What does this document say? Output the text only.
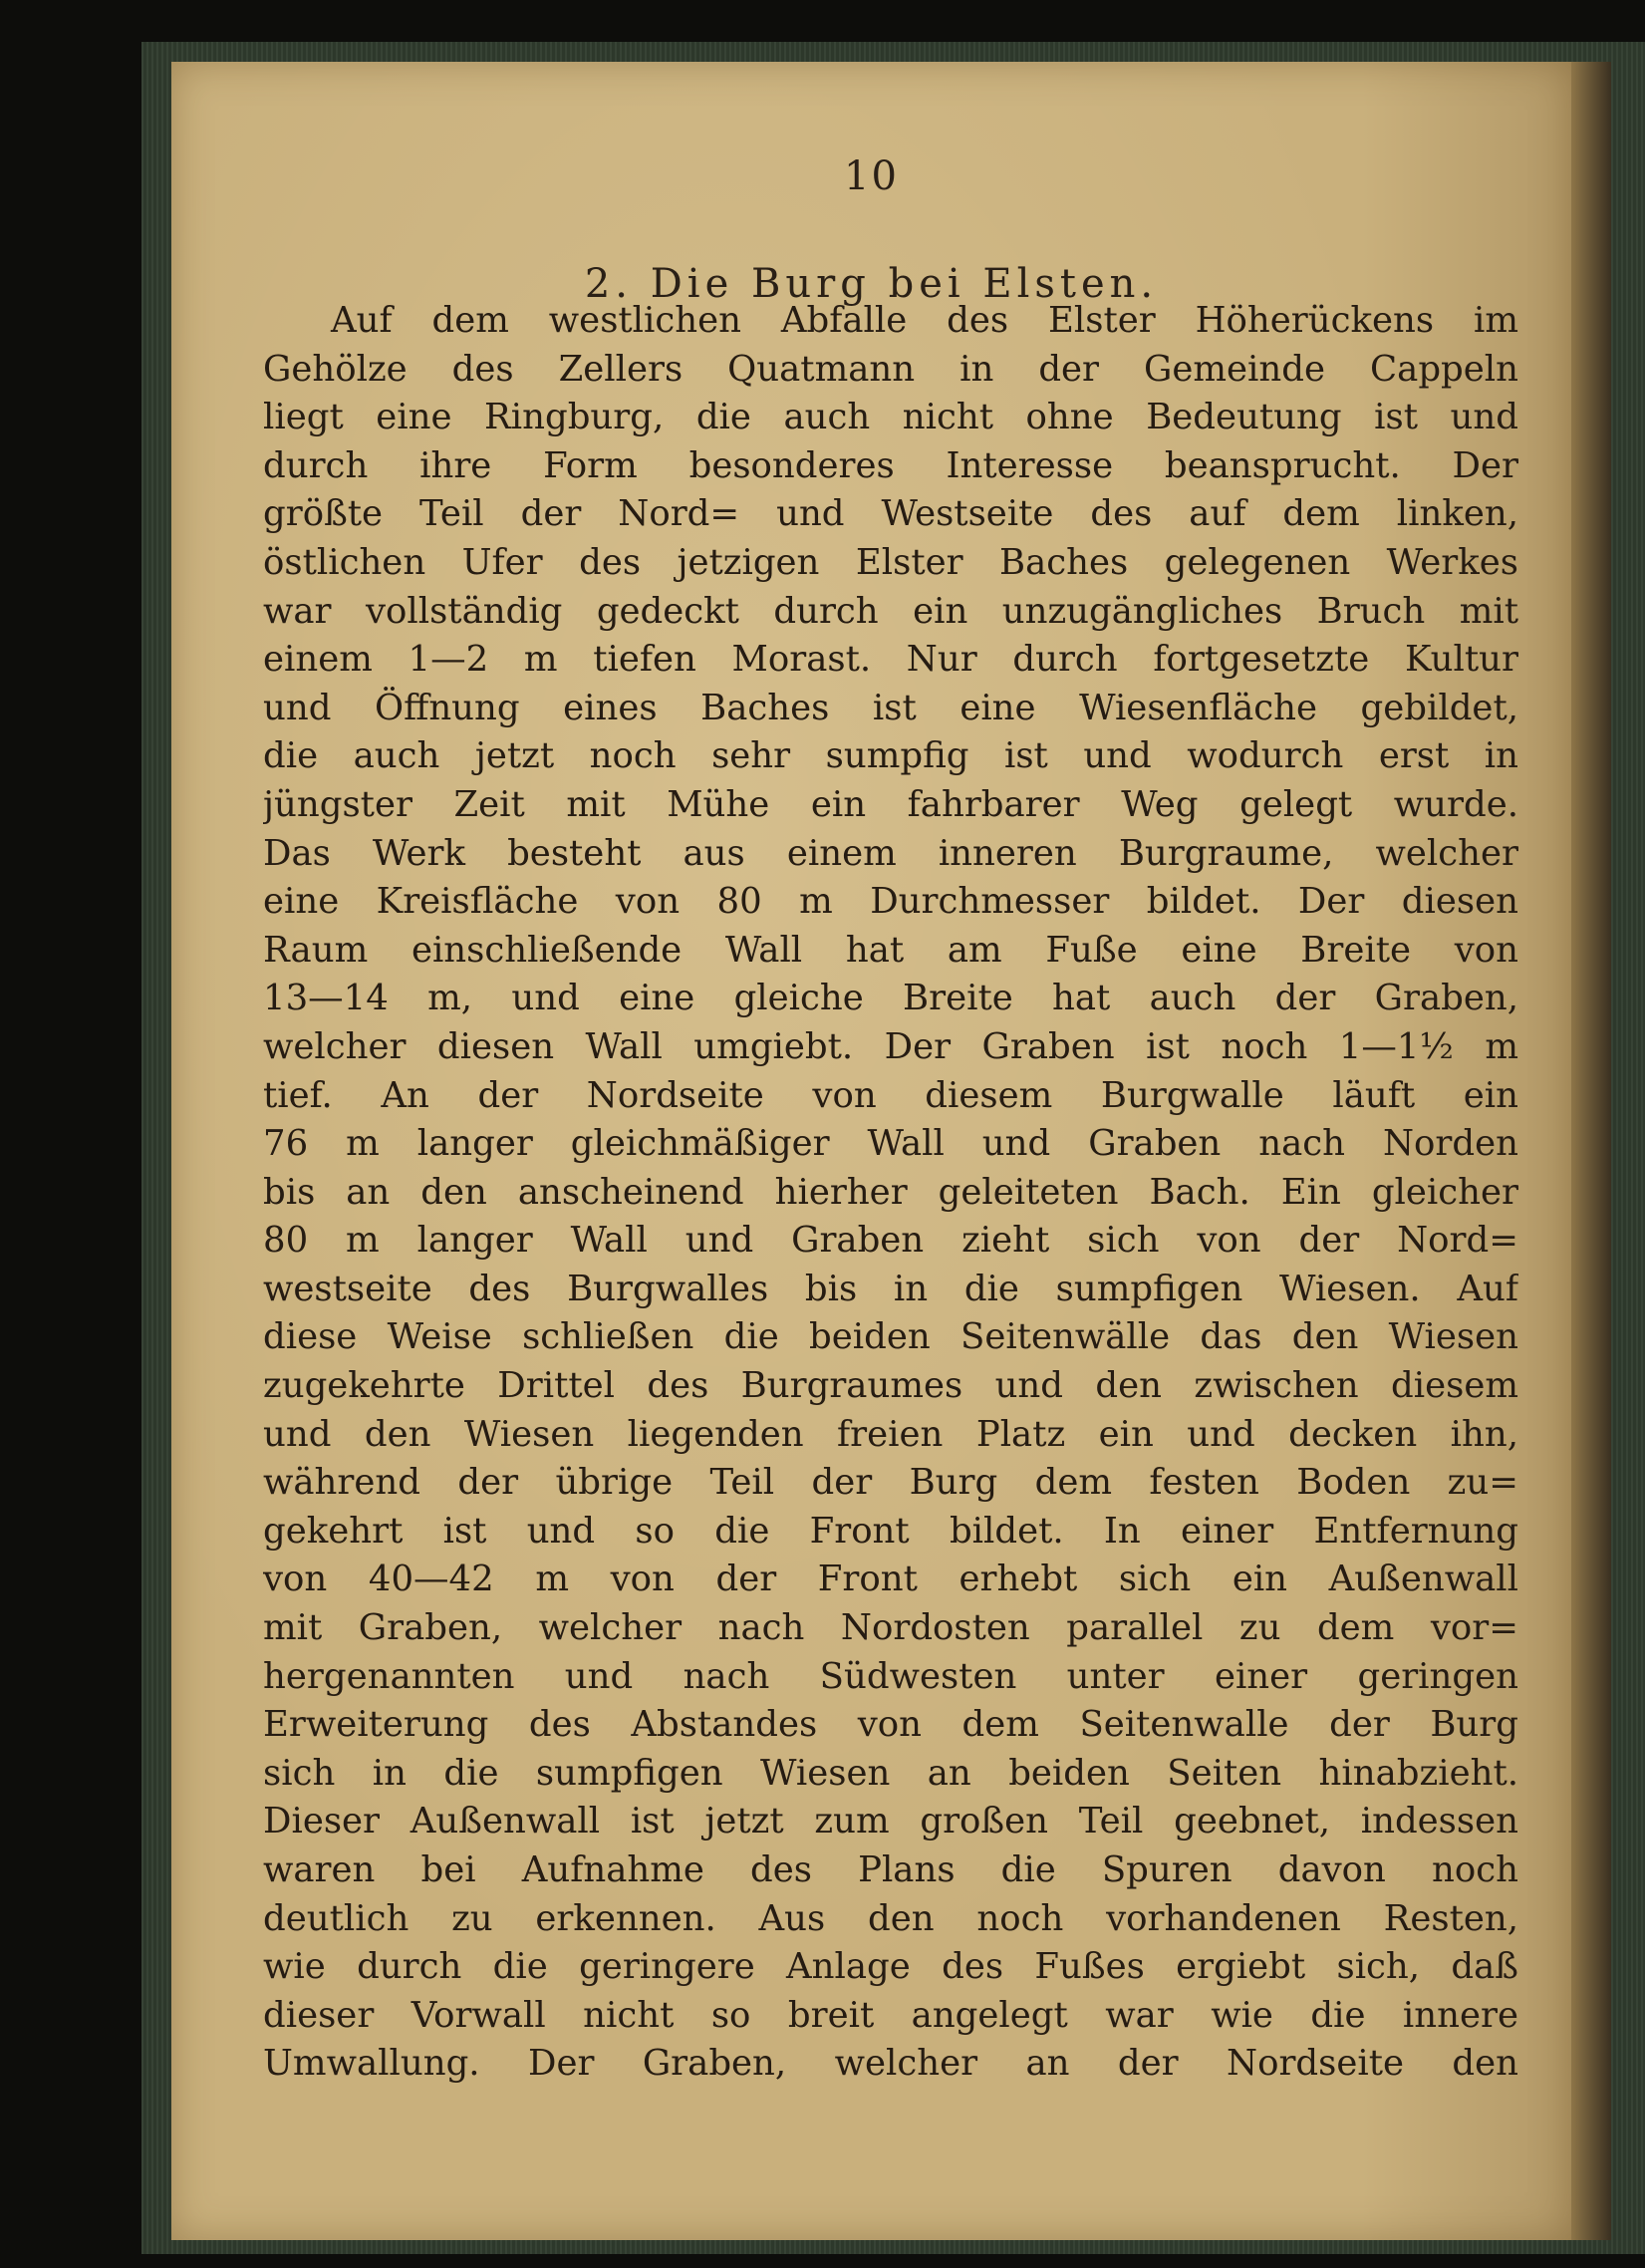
10
2. Die Burg bei Elsten.
Auf dem westlichen Abfalle des Elster Höherückens im
Gehölze des Zellers Quatmann in der Gemeinde Cappeln
liegt eine Ringburg, die auch nicht ohne Bedeutung ist und
durch ihre Form besonderes Interesse beansprucht. Der
größte Teil der Nord= und Westseite des auf dem linken,
östlichen Ufer des jetzigen Elster Baches gelegenen Werkes
war vollständig gedeckt durch ein unzugängliches Bruch mit
einem 1—2 m tiefen Morast. Nur durch fortgesetzte Kultur
und Öffnung eines Baches ist eine Wiesenfläche gebildet,
die auch jetzt noch sehr sumpfig ist und wodurch erst in
jüngster Zeit mit Mühe ein fahrbarer Weg gelegt wurde.
Das Werk besteht aus einem inneren Burgraume, welcher
eine Kreisfläche von 80 m Durchmesser bildet. Der diesen
Raum einschließende Wall hat am Fuße eine Breite von
13—14 m, und eine gleiche Breite hat auch der Graben,
welcher diesen Wall umgiebt. Der Graben ist noch 1—1½ m
tief. An der Nordseite von diesem Burgwalle läuft ein
76 m langer gleichmäßiger Wall und Graben nach Norden
bis an den anscheinend hierher geleiteten Bach. Ein gleicher
80 m langer Wall und Graben zieht sich von der Nord=
westseite des Burgwalles bis in die sumpfigen Wiesen. Auf
diese Weise schließen die beiden Seitenwälle das den Wiesen
zugekehrte Drittel des Burgraumes und den zwischen diesem
und den Wiesen liegenden freien Platz ein und decken ihn,
während der übrige Teil der Burg dem festen Boden zu=
gekehrt ist und so die Front bildet. In einer Entfernung
von 40—42 m von der Front erhebt sich ein Außenwall
mit Graben, welcher nach Nordosten parallel zu dem vor=
hergenannten und nach Südwesten unter einer geringen
Erweiterung des Abstandes von dem Seitenwalle der Burg
sich in die sumpfigen Wiesen an beiden Seiten hinabzieht.
Dieser Außenwall ist jetzt zum großen Teil geebnet, indessen
waren bei Aufnahme des Plans die Spuren davon noch
deutlich zu erkennen. Aus den noch vorhandenen Resten,
wie durch die geringere Anlage des Fußes ergiebt sich, daß
dieser Vorwall nicht so breit angelegt war wie die innere
Umwallung. Der Graben, welcher an der Nordseite den
